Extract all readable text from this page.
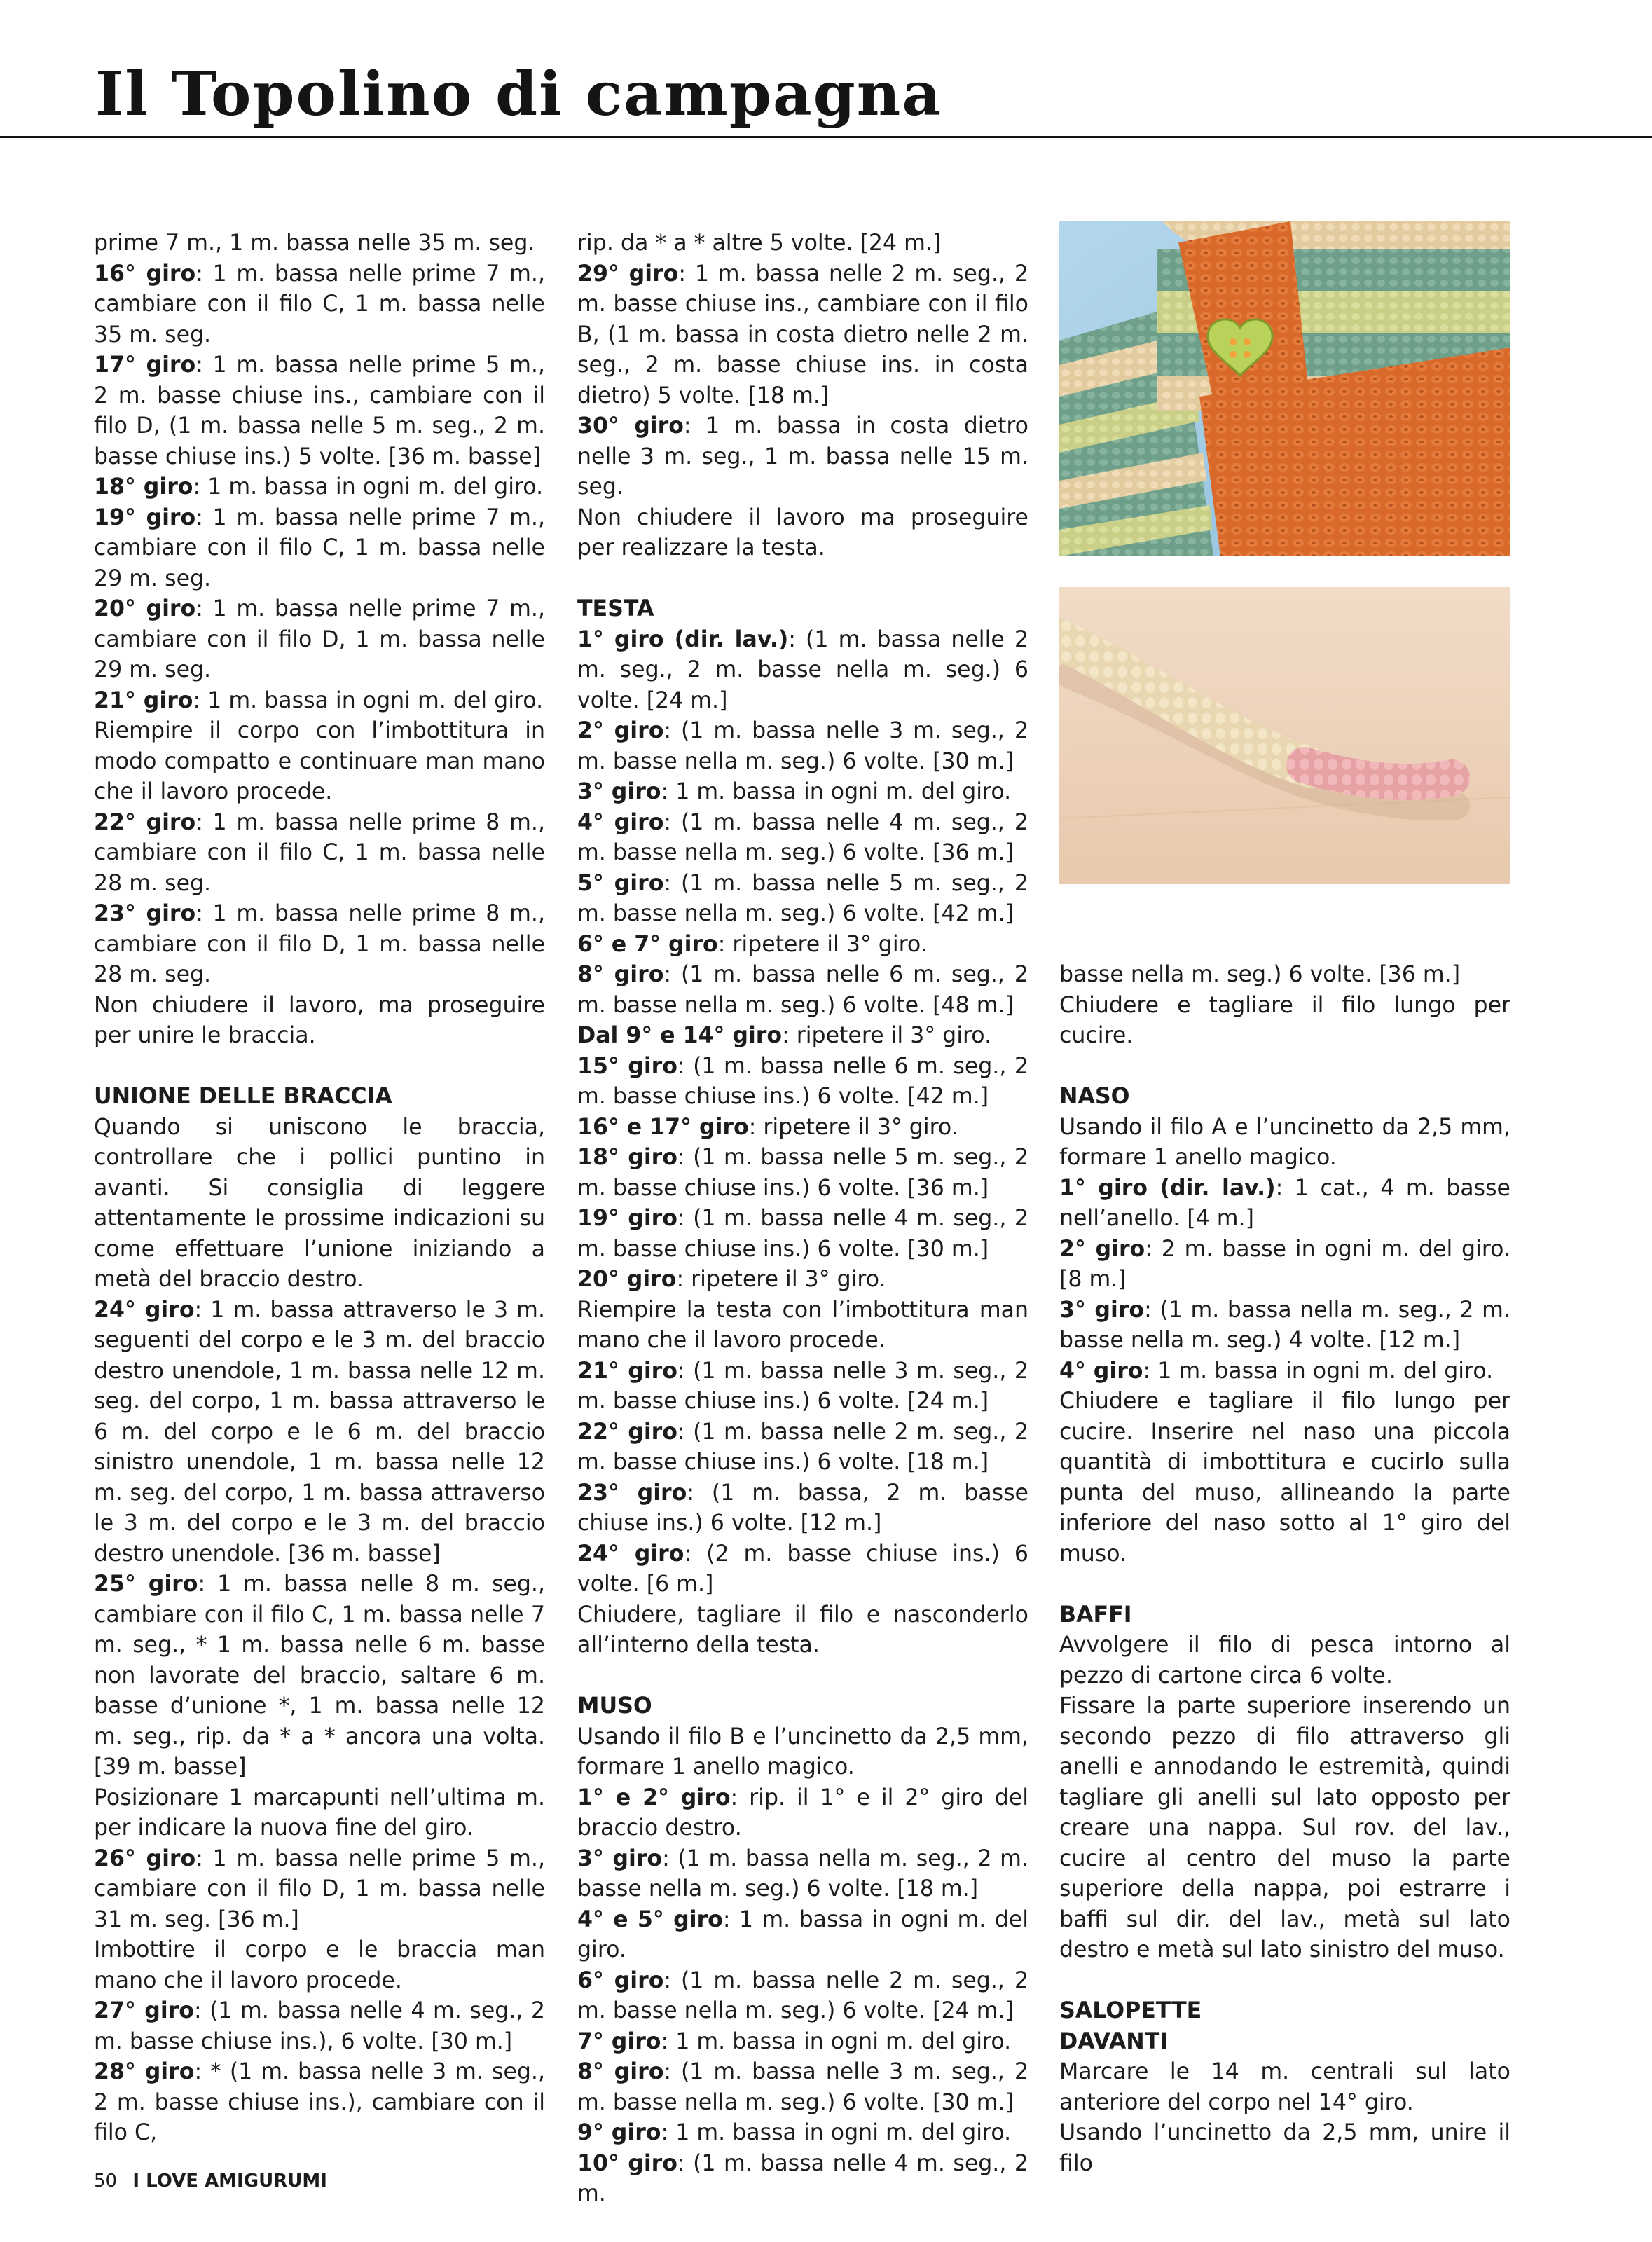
Il Topolino di campagna

prime 7 m., 1 m. bassa nelle 35 m. seg.

16° giro: 1 m. bassa nelle prime 7 m., cambiare con il filo C, 1 m. bassa nelle 35 m. seg.

17° giro: 1 m. bassa nelle prime 5 m., 2 m. basse chiuse ins., cambiare con il filo D, (1 m. bassa nelle 5 m. seg., 2 m. basse chiuse ins.) 5 volte. [36 m. basse]

18° giro: 1 m. bassa in ogni m. del giro.

19° giro: 1 m. bassa nelle prime 7 m., cambiare con il filo C, 1 m. bassa nelle 29 m. seg.

20° giro: 1 m. bassa nelle prime 7 m., cambiare con il filo D, 1 m. bassa nelle 29 m. seg.

21° giro: 1 m. bassa in ogni m. del giro.

Riempire il corpo con l’imbottitura in modo compatto e continuare man mano che il lavoro procede.

22° giro: 1 m. bassa nelle prime 8 m., cambiare con il filo C, 1 m. bassa nelle 28 m. seg.

23° giro: 1 m. bassa nelle prime 8 m., cambiare con il filo D, 1 m. bassa nelle 28 m. seg.

Non chiudere il lavoro, ma proseguire per unire le braccia.

UNIONE DELLE BRACCIA

Quando si uniscono le braccia, controllare che i pollici puntino in avanti. Si consiglia di leggere attentamente le prossime indicazioni su come effettuare l’unione iniziando a metà del braccio destro.

24° giro: 1 m. bassa attraverso le 3 m. seguenti del corpo e le 3 m. del braccio destro unendole, 1 m. bassa nelle 12 m. seg. del corpo, 1 m. bassa attraverso le 6 m. del corpo e le 6 m. del braccio sinistro unendole, 1 m. bassa nelle 12 m. seg. del corpo, 1 m. bassa attraverso le 3 m. del corpo e le 3 m. del braccio destro unendole. [36 m. basse]

25° giro: 1 m. bassa nelle 8 m. seg., cambiare con il filo C, 1 m. bassa nelle 7 m. seg., * 1 m. bassa nelle 6 m. basse non lavorate del braccio, saltare 6 m. basse d’unione *, 1 m. bassa nelle 12 m. seg., rip. da * a * ancora una volta. [39 m. basse]

Posizionare 1 marcapunti nell’ultima m. per indicare la nuova fine del giro.

26° giro: 1 m. bassa nelle prime 5 m., cambiare con il filo D, 1 m. bassa nelle 31 m. seg. [36 m.]

Imbottire il corpo e le braccia man mano che il lavoro procede.

27° giro: (1 m. bassa nelle 4 m. seg., 2 m. basse chiuse ins.), 6 volte. [30 m.]

28° giro: * (1 m. bassa nelle 3 m. seg., 2 m. basse chiuse ins.), cambiare con il filo C,

rip. da * a * altre 5 volte. [24 m.]

29° giro: 1 m. bassa nelle 2 m. seg., 2 m. basse chiuse ins., cambiare con il filo B, (1 m. bassa in costa dietro nelle 2 m. seg., 2 m. basse chiuse ins. in costa dietro) 5 volte. [18 m.]

30° giro: 1 m. bassa in costa dietro nelle 3 m. seg., 1 m. bassa nelle 15 m. seg.

Non chiudere il lavoro ma proseguire per realizzare la testa.

TESTA

1° giro (dir. lav.): (1 m. bassa nelle 2 m. seg., 2 m. basse nella m. seg.) 6 volte. [24 m.]

2° giro: (1 m. bassa nelle 3 m. seg., 2 m. basse nella m. seg.) 6 volte. [30 m.]

3° giro: 1 m. bassa in ogni m. del giro.

4° giro: (1 m. bassa nelle 4 m. seg., 2 m. basse nella m. seg.) 6 volte. [36 m.]

5° giro: (1 m. bassa nelle 5 m. seg., 2 m. basse nella m. seg.) 6 volte. [42 m.]

6° e 7° giro: ripetere il 3° giro.

8° giro: (1 m. bassa nelle 6 m. seg., 2 m. basse nella m. seg.) 6 volte. [48 m.]

Dal 9° e 14° giro: ripetere il 3° giro.

15° giro: (1 m. bassa nelle 6 m. seg., 2 m. basse chiuse ins.) 6 volte. [42 m.]

16° e 17° giro: ripetere il 3° giro.

18° giro: (1 m. bassa nelle 5 m. seg., 2 m. basse chiuse ins.) 6 volte. [36 m.]

19° giro: (1 m. bassa nelle 4 m. seg., 2 m. basse chiuse ins.) 6 volte. [30 m.]

20° giro: ripetere il 3° giro.

Riempire la testa con l’imbottitura man mano che il lavoro procede.

21° giro: (1 m. bassa nelle 3 m. seg., 2 m. basse chiuse ins.) 6 volte. [24 m.]

22° giro: (1 m. bassa nelle 2 m. seg., 2 m. basse chiuse ins.) 6 volte. [18 m.]

23° giro: (1 m. bassa, 2 m. basse chiuse ins.) 6 volte. [12 m.]

24° giro: (2 m. basse chiuse ins.) 6 volte. [6 m.]

Chiudere, tagliare il filo e nasconderlo all’interno della testa.

MUSO

Usando il filo B e l’uncinetto da 2,5 mm, formare 1 anello magico.

1° e 2° giro: rip. il 1° e il 2° giro del braccio destro.

3° giro: (1 m. bassa nella m. seg., 2 m. basse nella m. seg.) 6 volte. [18 m.]

4° e 5° giro: 1 m. bassa in ogni m. del giro.

6° giro: (1 m. bassa nelle 2 m. seg., 2 m. basse nella m. seg.) 6 volte. [24 m.]

7° giro: 1 m. bassa in ogni m. del giro.

8° giro: (1 m. bassa nelle 3 m. seg., 2 m. basse nella m. seg.) 6 volte. [30 m.]

9° giro: 1 m. bassa in ogni m. del giro.

10° giro: (1 m. bassa nelle 4 m. seg., 2 m.

basse nella m. seg.) 6 volte. [36 m.]

Chiudere e tagliare il filo lungo per cucire.

NASO

Usando il filo A e l’uncinetto da 2,5 mm, formare 1 anello magico.

1° giro (dir. lav.): 1 cat., 4 m. basse nell’anello. [4 m.]

2° giro: 2 m. basse in ogni m. del giro. [8 m.]

3° giro: (1 m. bassa nella m. seg., 2 m. basse nella m. seg.) 4 volte. [12 m.]

4° giro: 1 m. bassa in ogni m. del giro.

Chiudere e tagliare il filo lungo per cucire. Inserire nel naso una piccola quantità di imbottitura e cucirlo sulla punta del muso, allineando la parte inferiore del naso sotto al 1° giro del muso.

BAFFI

Avvolgere il filo di pesca intorno al pezzo di cartone circa 6 volte.

Fissare la parte superiore inserendo un secondo pezzo di filo attraverso gli anelli e annodando le estremità, quindi tagliare gli anelli sul lato opposto per creare una nappa. Sul rov. del lav., cucire al centro del muso la parte superiore della nappa, poi estrarre i baffi sul dir. del lav., metà sul lato destro e metà sul lato sinistro del muso.

SALOPETTE

DAVANTI

Marcare le 14 m. centrali sul lato anteriore del corpo nel 14° giro.

Usando l’uncinetto da 2,5 mm, unire il filo

50 I LOVE AMIGURUMI
